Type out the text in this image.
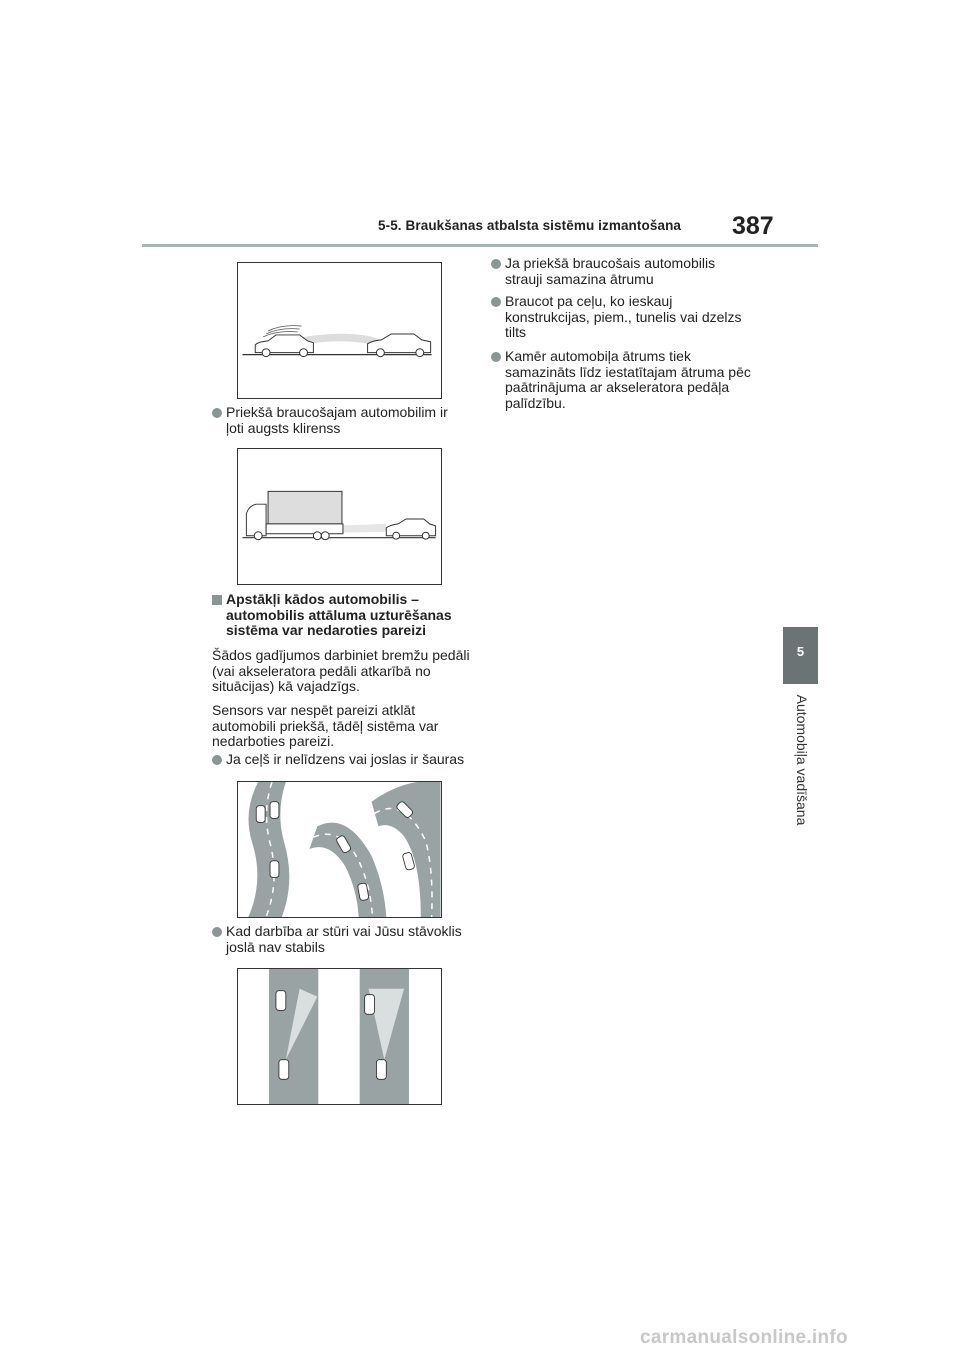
5-5. Braukšanas atbalsta sistēmu izmantošana 387
5
Automobiļa vadīšana
Priekšā braucošajam automobilim ir ļoti augsts klirenss
Apstākļi kādos automobilis – automobilis attāluma uzturēšanas sistēma var nedaroties pareizi
Šādos gadījumos darbiniet bremžu pedāli (vai akseleratora pedāli atkarībā no situācijas) kā vajadzīgs.
Sensors var nespēt pareizi atklāt automobili priekšā, tādēļ sistēma var nedarboties pareizi.
Ja ceļš ir nelīdzens vai joslas ir šauras
Kad darbība ar stūri vai Jūsu stāvoklis joslā nav stabils
Ja priekšā braucošais automobilis strauji samazina ātrumu
Braucot pa ceļu, ko ieskauj konstrukcijas, piem., tunelis vai dzelzs tilts
Kamēr automobiļa ātrums tiek samazināts līdz iestatītajam ātruma pēc paātrinājuma ar akseleratora pedāļa palīdzību.
carmanualsonline.info
